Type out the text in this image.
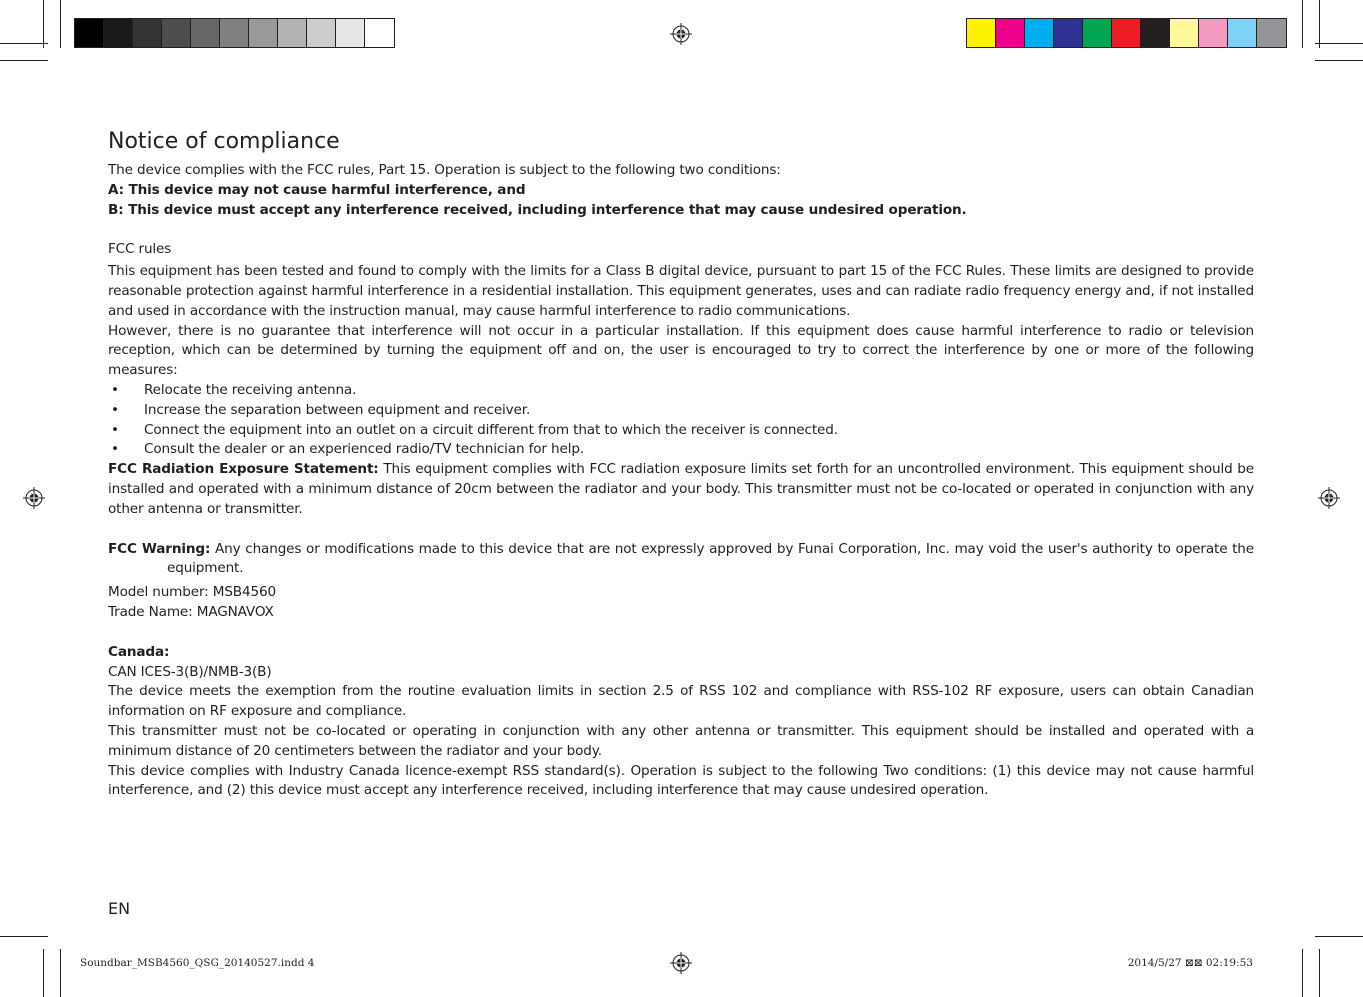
Soundbar_MSB4560_QSG_20140527.indd 4	2014/5/27 ⊠⊠ 02:19:53
Notice of compliance

The device complies with the FCC rules, Part 15. Operation is subject to the following two conditions:

A: This device may not cause harmful interference, and

B: This device must accept any interference received, including interference that may cause undesired operation.

FCC rules

This equipment has been tested and found to comply with the limits for a Class B digital device, pursuant to part 15 of the FCC Rules. These limits are designed to provide reasonable protection against harmful interference in a residential installation. This equipment generates, uses and can radiate radio frequency energy and, if not installed and used in accordance with the instruction manual, may cause harmful interference to radio communications.

However, there is no guarantee that interference will not occur in a particular installation. If this equipment does cause harmful interference to radio or television reception, which can be determined by turning the equipment off and on, the user is encouraged to try to correct the interference by one or more of the following measures:

• Relocate the receiving antenna.
• Increase the separation between equipment and receiver.
• Connect the equipment into an outlet on a circuit different from that to which the receiver is connected.
• Consult the dealer or an experienced radio/TV technician for help.

FCC Radiation Exposure Statement: This equipment complies with FCC radiation exposure limits set forth for an uncontrolled environment. This equipment should be installed and operated with a minimum distance of 20cm between the radiator and your body. This transmitter must not be co-located or operated in conjunction with any other antenna or transmitter.

FCC Warning: Any changes or modifications made to this device that are not expressly approved by Funai Corporation, Inc. may void the user's authority to operate the equipment.

Model number: MSB4560

Trade Name: MAGNAVOX

Canada:

CAN ICES-3(B)/NMB-3(B)

The device meets the exemption from the routine evaluation limits in section 2.5 of RSS 102 and compliance with RSS-102 RF exposure, users can obtain Canadian information on RF exposure and compliance.

This transmitter must not be co-located or operating in conjunction with any other antenna or transmitter. This equipment should be installed and operated with a minimum distance of 20 centimeters between the radiator and your body.

This device complies with Industry Canada licence-exempt RSS standard(s). Operation is subject to the following Two conditions: (1) this device may not cause harmful interference, and (2) this device must accept any interference received, including interference that may cause undesired operation.

EN
